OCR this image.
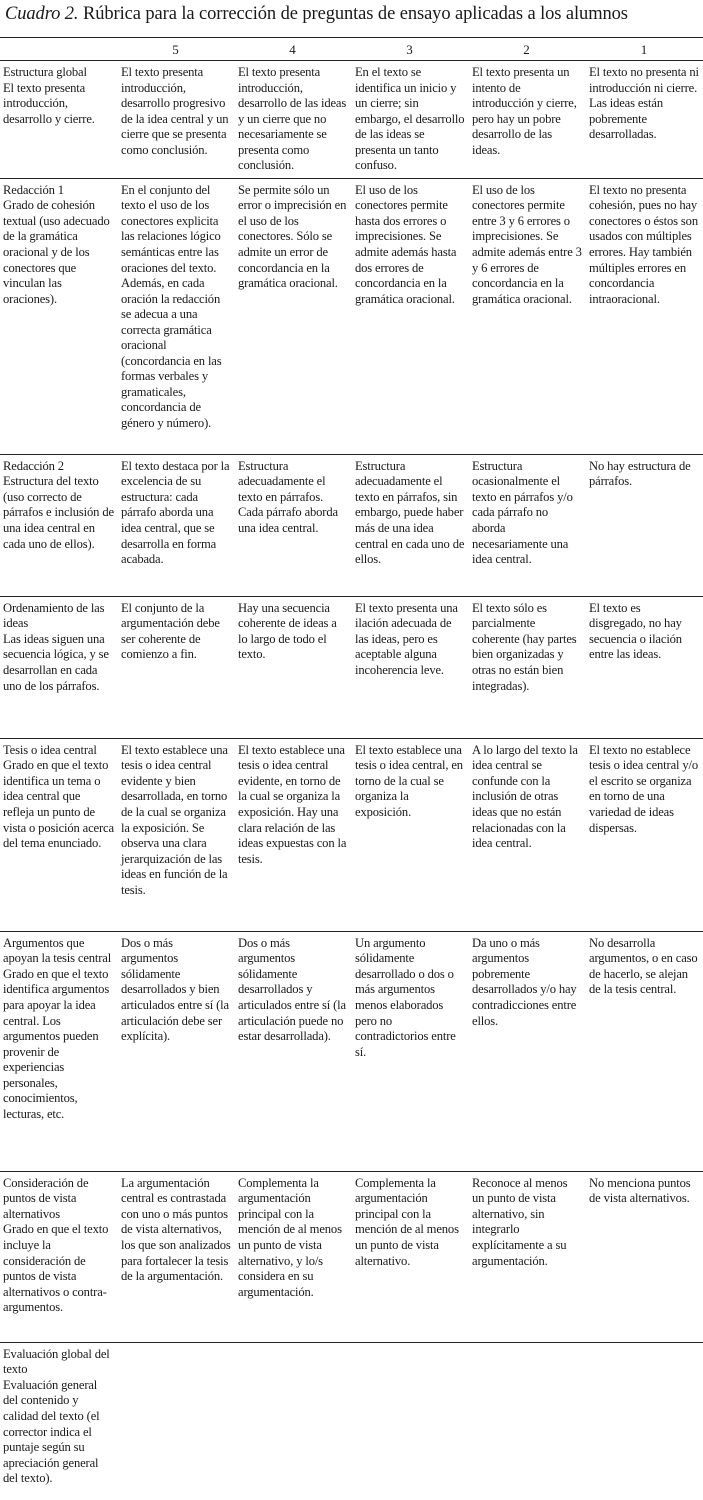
Cuadro 2. Rúbrica para la corrección de preguntas de ensayo aplicadas a los alumnos
	5	4	3	2	1

Estructura global
El texto presenta introducción, desarrollo y cierre.	El texto presenta introducción, desarrollo progresivo de la idea central y un cierre que se presenta como conclusión.	El texto presenta introducción, desarrollo de las ideas y un cierre que no necesariamente se presenta como conclusión.	En el texto se identifica un inicio y un cierre; sin embargo, el desarrollo de las ideas se presenta un tanto confuso.	El texto presenta un intento de introducción y cierre, pero hay un pobre desarrollo de las ideas.	El texto no presenta ni introducción ni cierre. Las ideas están pobremente desarrolladas.

Redacción 1
Grado de cohesión textual (uso adecuado de la gramática oracional y de los conectores que vinculan las oraciones).	En el conjunto del texto el uso de los conectores explicita las relaciones lógico semánticas entre las oraciones del texto. Además, en cada oración la redacción se adecua a una correcta gramática oracional (concordancia en las formas verbales y gramaticales, concordancia de género y número).	Se permite sólo un error o imprecisión en el uso de los conectores. Sólo se admite un error de concordancia en la gramática oracional.	El uso de los conectores permite hasta dos errores o imprecisiones. Se admite además hasta dos errores de concordancia en la gramática oracional.	El uso de los conectores permite entre 3 y 6 errores o imprecisiones. Se admite además entre 3 y 6 errores de concordancia en la gramática oracional.	El texto no presenta cohesión, pues no hay conectores o éstos son usados con múltiples errores. Hay también múltiples errores en concordancia intraoracional.

Redacción 2
Estructura del texto (uso correcto de párrafos e inclusión de una idea central en cada uno de ellos).	El texto destaca por la excelencia de su estructura: cada párrafo aborda una idea central, que se desarrolla en forma acabada.	Estructura adecuadamente el texto en párrafos. Cada párrafo aborda una idea central.	Estructura adecuadamente el texto en párrafos, sin embargo, puede haber más de una idea central en cada uno de ellos.	Estructura ocasionalmente el texto en párrafos y/o cada párrafo no aborda necesariamente una idea central.	No hay estructura de párrafos.

Ordenamiento de las ideas
Las ideas siguen una secuencia lógica, y se desarrollan en cada uno de los párrafos.	El conjunto de la argumentación debe ser coherente de comienzo a fin.	Hay una secuencia coherente de ideas a lo largo de todo el texto.	El texto presenta una ilación adecuada de las ideas, pero es aceptable alguna incoherencia leve.	El texto sólo es parcialmente coherente (hay partes bien organizadas y otras no están bien integradas).	El texto es disgregado, no hay secuencia o ilación entre las ideas.

Tesis o idea central
Grado en que el texto identifica un tema o idea central que refleja un punto de vista o posición acerca del tema enunciado.	El texto establece una tesis o idea central evidente y bien desarrollada, en torno de la cual se organiza la exposición. Se observa una clara jerarquización de las ideas en función de la tesis.	El texto establece una tesis o idea central evidente, en torno de la cual se organiza la exposición. Hay una clara relación de las ideas expuestas con la tesis.	El texto establece una tesis o idea central, en torno de la cual se organiza la exposición.	A lo largo del texto la idea central se confunde con la inclusión de otras ideas que no están relacionadas con la idea central.	El texto no establece tesis o idea central y/o el escrito se organiza en torno de una variedad de ideas dispersas.

Argumentos que apoyan la tesis central
Grado en que el texto identifica argumentos para apoyar la idea central. Los argumentos pueden provenir de experiencias personales, conocimientos, lecturas, etc.	Dos o más argumentos sólidamente desarrollados y bien articulados entre sí (la articulación debe ser explícita).	Dos o más argumentos sólidamente desarrollados y articulados entre sí (la articulación puede no estar desarrollada).	Un argumento sólidamente desarrollado o dos o más argumentos menos elaborados pero no contradictorios entre sí.	Da uno o más argumentos pobremente desarrollados y/o hay contradicciones entre ellos.	No desarrolla argumentos, o en caso de hacerlo, se alejan de la tesis central.

Consideración de puntos de vista alternativos
Grado en que el texto incluye la consideración de puntos de vista alternativos o contra-argumentos.	La argumentación central es contrastada con uno o más puntos de vista alternativos, los que son analizados para fortalecer la tesis de la argumentación.	Complementa la argumentación principal con la mención de al menos un punto de vista alternativo, y lo/s considera en su argumentación.	Complementa la argumentación principal con la mención de al menos un punto de vista alternativo.	Reconoce al menos un punto de vista alternativo, sin integrarlo explícitamente a su argumentación.	No menciona puntos de vista alternativos.

Evaluación global del texto
Evaluación general del contenido y calidad del texto (el corrector indica el puntaje según su apreciación general del texto).					
